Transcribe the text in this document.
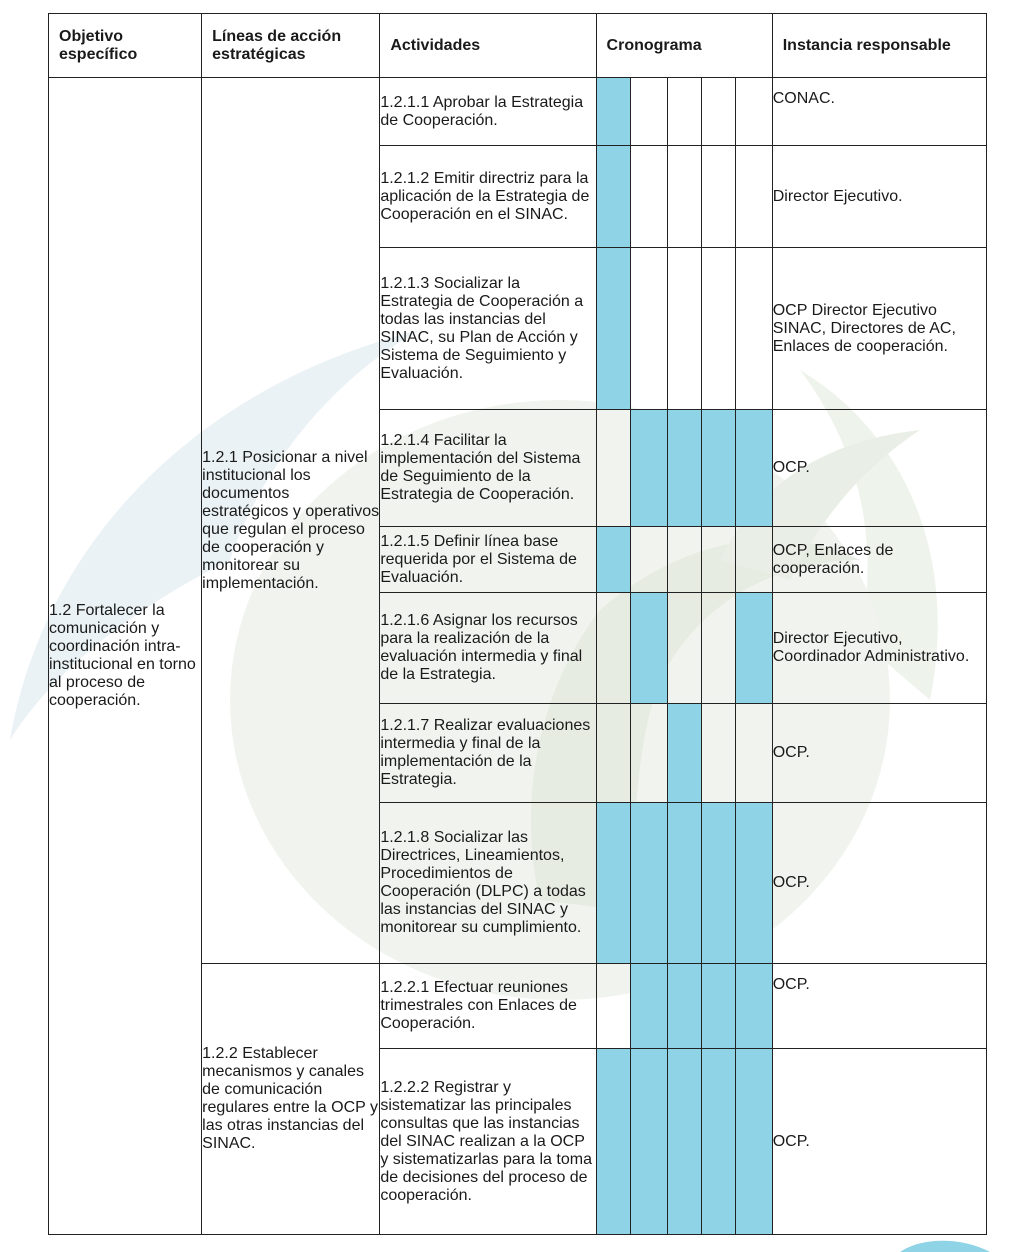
Objetivo específico	Líneas de acción estratégicas	Actividades	Cronograma					Instancia responsable
1.2 Fortalecer la comunicación y coordinación intra-institucional en torno al proceso de cooperación.	1.2.1 Posicionar a nivel institucional los documentos estratégicos y operativos que regulan el proceso de cooperación y monitorear su implementación.	1.2.1.1 Aprobar la Estrategia de Cooperación.						CONAC.
		1.2.1.2 Emitir directriz para la aplicación de la Estrategia de Cooperación en el SINAC.						Director Ejecutivo.
		1.2.1.3 Socializar la Estrategia de Cooperación a todas las instancias del SINAC, su Plan de Acción y Sistema de Seguimiento y Evaluación.						OCP Director Ejecutivo SINAC, Directores de AC, Enlaces de cooperación.
		1.2.1.4 Facilitar la implementación del Sistema de Seguimiento de la Estrategia de Cooperación.						OCP.
		1.2.1.5 Definir línea base requerida por el Sistema de Evaluación.						OCP, Enlaces de cooperación.
		1.2.1.6 Asignar los recursos para la realización de la evaluación intermedia y final de la Estrategia.						Director Ejecutivo, Coordinador Administrativo.
		1.2.1.7 Realizar evaluaciones intermedia y final de la implementación de la Estrategia.						OCP.
		1.2.1.8 Socializar las Directrices, Lineamientos, Procedimientos de Cooperación (DLPC) a todas las instancias del SINAC y monitorear su cumplimiento.						OCP.
	1.2.2 Establecer mecanismos y canales de comunicación regulares entre la OCP y las otras instancias del SINAC.	1.2.2.1 Efectuar reuniones trimestrales con Enlaces de Cooperación.						OCP.
		1.2.2.2 Registrar y sistematizar las principales consultas que las instancias del SINAC realizan a la OCP y sistematizarlas para la toma de decisiones del proceso de cooperación.						OCP.
